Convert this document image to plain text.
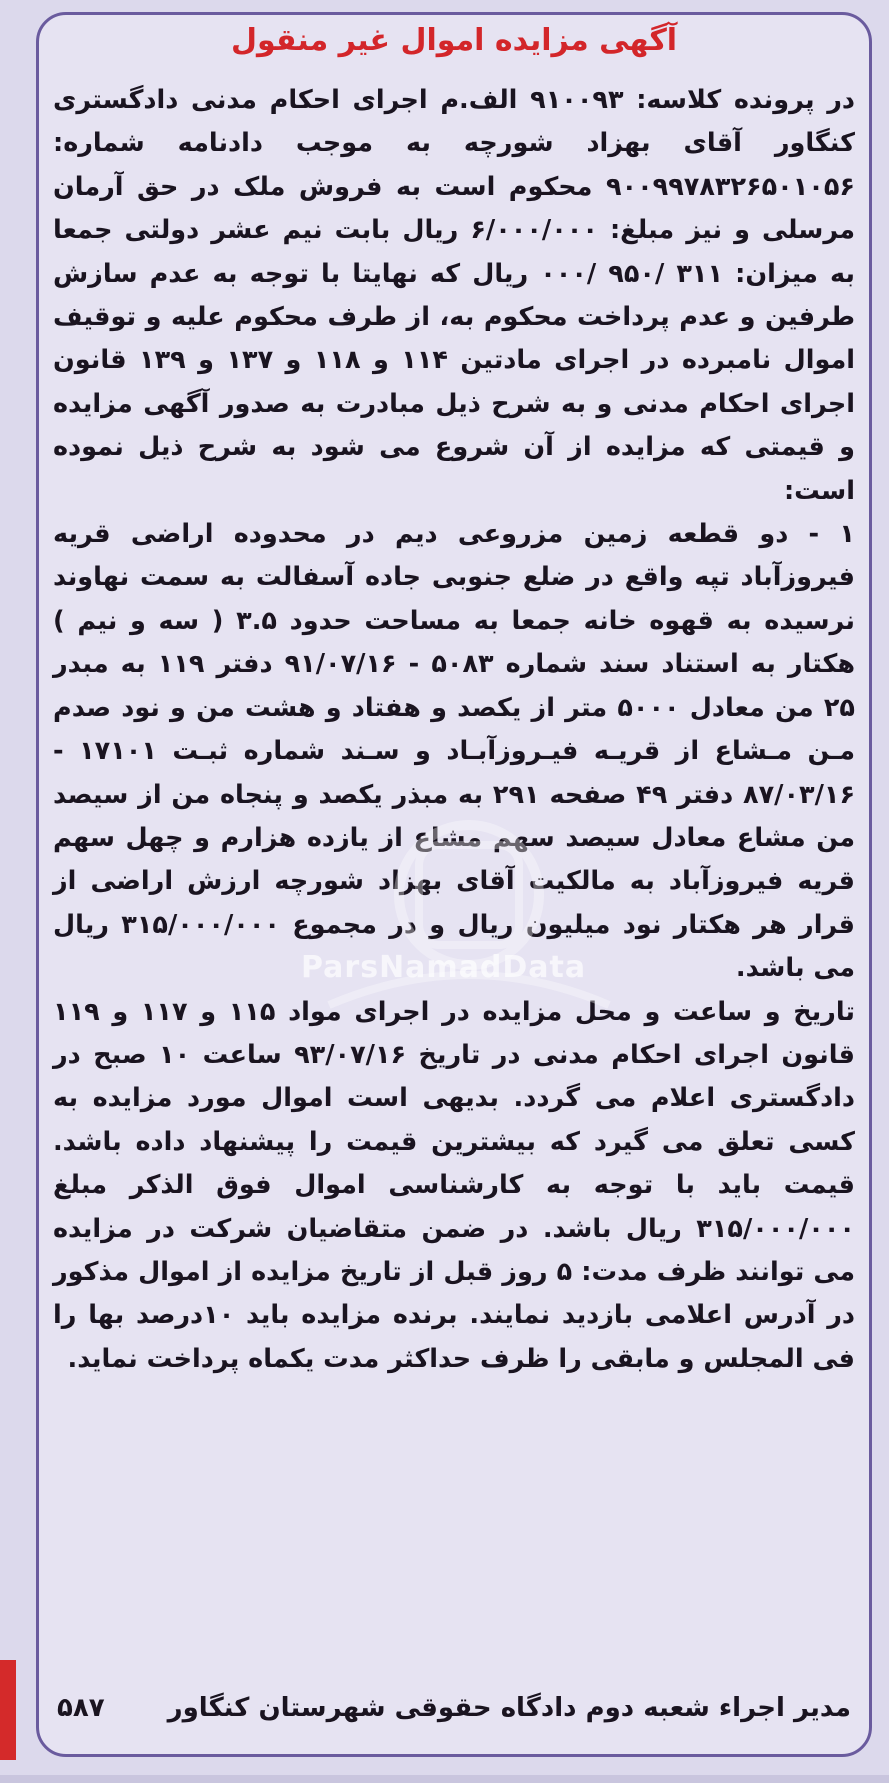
آگهی مزایده اموال غیر منقول

در پرونده کلاسه: ۹۱۰۰۹۳ الف.م اجرای احکام مدنی دادگستری کنگاور آقای بهزاد شورچه به موجب دادنامه شماره: ۹۰۰۹۹۷۸۳۲۶۵۰۱۰۵۶ محکوم است به فروش ملک در حق آرمان مرسلی و نیز مبلغ: ۶/۰۰۰/۰۰۰ ریال بابت نیم عشر دولتی جمعا به میزان: ۳۱۱ /۹۵۰ /۰۰۰ ریال که نهایتا با توجه به عدم سازش طرفین و عدم پرداخت محکوم به، از طرف محکوم علیه و توقیف اموال نامبرده در اجرای مادتین ۱۱۴ و ۱۱۸ و ۱۳۷ و ۱۳۹ قانون اجرای احکام مدنی و به شرح ذیل مبادرت به صدور آگهی مزایده و قیمتی که مزایده از آن شروع می شود به شرح ذیل نموده است:

۱ - دو قطعه زمین مزروعی دیم در محدوده اراضی قریه فیروزآباد تپه واقع در ضلع جنوبی جاده آسفالت به سمت نهاوند نرسیده به قهوه خانه جمعا به مساحت حدود ۳.۵ ( سه و نیم ) هکتار به استناد سند شماره ۵۰۸۳ - ۹۱/۰۷/۱۶ دفتر ۱۱۹ به مبدر ۲۵ من معادل ۵۰۰۰ متر از یکصد و هفتاد و هشت من و نود صدم مـن مـشاع از قریـه فیـروزآبـاد و سـند شماره ثبـت ۱۷۱۰۱ - ۸۷/۰۳/۱۶ دفتر ۴۹ صفحه ۲۹۱ به مبذر یکصد و پنجاه من از سیصد من مشاع معادل سیصد سهم مشاع از یازده هزارم و چهل سهم قریه فیروزآباد به مالکیت آقای بهزاد شورچه ارزش اراضی از قرار هر هکتار نود میلیون ریال و در مجموع ۳۱۵/۰۰۰/۰۰۰ ریال می باشد.

تاریخ و ساعت و محل مزایده در اجرای مواد ۱۱۵ و ۱۱۷ و ۱۱۹ قانون اجرای احکام مدنی در تاریخ ۹۳/۰۷/۱۶ ساعت ۱۰ صبح در دادگستری اعلام می گردد. بدیهی است اموال مورد مزایده به کسی تعلق می گیرد که بیشترین قیمت را پیشنهاد داده باشد. قیمت باید با توجه به کارشناسی اموال فوق الذکر مبلغ ۳۱۵/۰۰۰/۰۰۰ ریال باشد. در ضمن متقاضیان شرکت در مزایده می توانند ظرف مدت: ۵ روز قبل از تاریخ مزایده از اموال مذکور در آدرس اعلامی بازدید نمایند. برنده مزایده باید ۱۰درصد بها را فی المجلس و مابقی را ظرف حداکثر مدت یکماه پرداخت نماید.

مدیر اجراء شعبه دوم دادگاه حقوقی شهرستان کنگاور
۵۸۷
ParsNamadData
